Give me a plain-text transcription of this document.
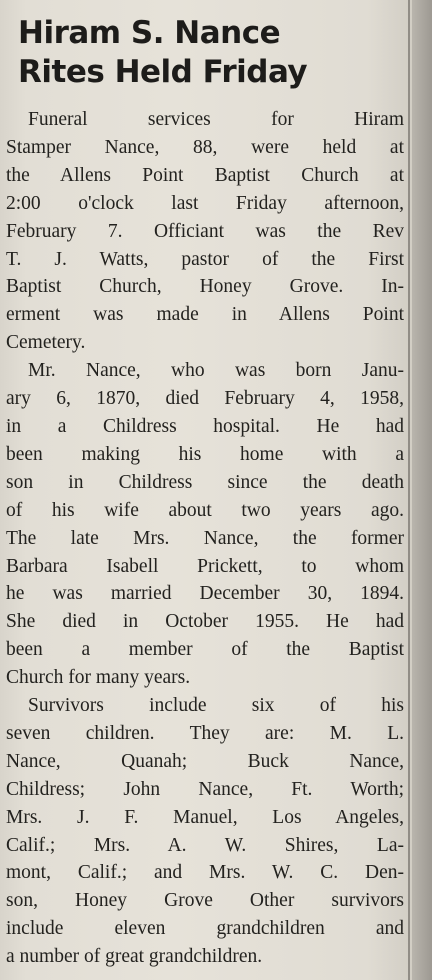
Hiram S. Nance
Rites Held Friday
Funeral services for Hiram
Stamper Nance, 88, were held at
the Allens Point Baptist Church at
2:00 o'clock last Friday afternoon,
February 7. Officiant was the Rev
T. J. Watts, pastor of the First
Baptist Church, Honey Grove. In-
erment was made in Allens Point
Cemetery.
Mr. Nance, who was born Janu-
ary 6, 1870, died February 4, 1958,
in a Childress hospital. He had
been making his home with a
son in Childress since the death
of his wife about two years ago.
The late Mrs. Nance, the former
Barbara Isabell Prickett, to whom
he was married December 30, 1894.
She died in October 1955. He had
been a member of the Baptist
Church for many years.
Survivors include six of his
seven children. They are: M. L.
Nance, Quanah; Buck Nance,
Childress; John Nance, Ft. Worth;
Mrs. J. F. Manuel, Los Angeles,
Calif.; Mrs. A. W. Shires, La-
mont, Calif.; and Mrs. W. C. Den-
son, Honey Grove Other survivors
include eleven grandchildren and
a number of great grandchildren.
